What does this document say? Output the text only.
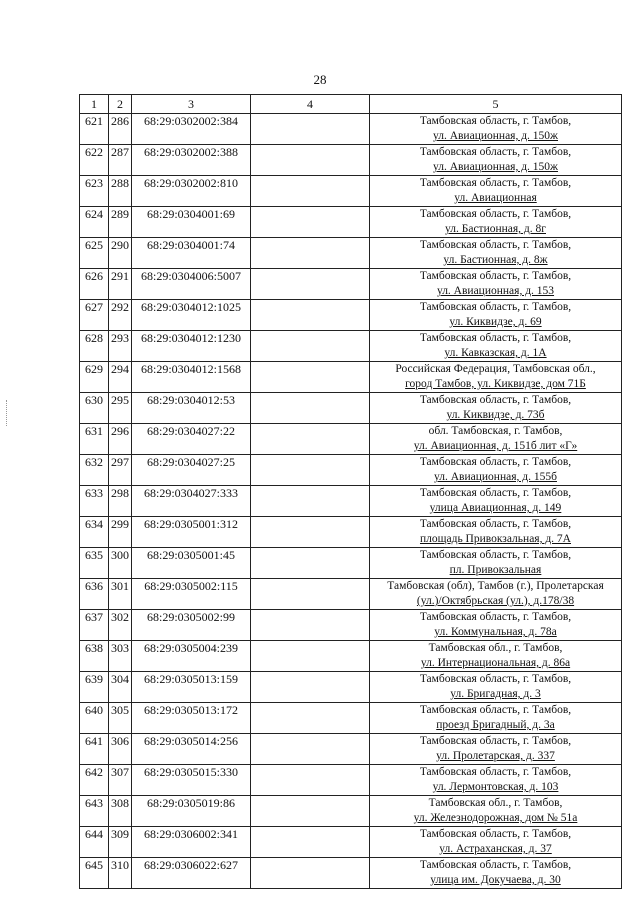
28
1	2	3	4	5
621	286	68:29:0302002:384		Тамбовская область, г. Тамбов,
ул. Авиационная, д. 150ж

622	287	68:29:0302002:388		Тамбовская область, г. Тамбов,
ул. Авиационная, д. 150ж

623	288	68:29:0302002:810		Тамбовская область, г. Тамбов,
ул. Авиационная

624	289	68:29:0304001:69		Тамбовская область, г. Тамбов,
ул. Бастионная, д. 8г

625	290	68:29:0304001:74		Тамбовская область, г. Тамбов,
ул. Бастионная, д. 8ж

626	291	68:29:0304006:5007		Тамбовская область, г. Тамбов,
ул. Авиационная, д. 153

627	292	68:29:0304012:1025		Тамбовская область, г. Тамбов,
ул. Киквидзе, д. 69

628	293	68:29:0304012:1230		Тамбовская область, г. Тамбов,
ул. Кавказская, д. 1А

629	294	68:29:0304012:1568		Российская Федерация, Тамбовская обл.,
город Тамбов, ул. Киквидзе, дом 71Б

630	295	68:29:0304012:53		Тамбовская область, г. Тамбов,
ул. Киквидзе, д. 73б

631	296	68:29:0304027:22		обл. Тамбовская, г. Тамбов,
ул. Авиационная, д. 151б лит «Г»

632	297	68:29:0304027:25		Тамбовская область, г. Тамбов,
ул. Авиационная, д. 155б

633	298	68:29:0304027:333		Тамбовская область, г. Тамбов,
улица Авиационная, д. 149

634	299	68:29:0305001:312		Тамбовская область, г. Тамбов,
площадь Привокзальная, д. 7А

635	300	68:29:0305001:45		Тамбовская область, г. Тамбов,
пл. Привокзальная

636	301	68:29:0305002:115		Тамбовская (обл), Тамбов (г.), Пролетарская
(ул.)/Октябрьская (ул.), д.178/38

637	302	68:29:0305002:99		Тамбовская область, г. Тамбов,
ул. Коммунальная, д. 78а

638	303	68:29:0305004:239		Тамбовская обл., г. Тамбов,
ул. Интернациональная, д. 86а

639	304	68:29:0305013:159		Тамбовская область, г. Тамбов,
ул. Бригадная, д. 3

640	305	68:29:0305013:172		Тамбовская область, г. Тамбов,
проезд Бригадный, д. 3а

641	306	68:29:0305014:256		Тамбовская область, г. Тамбов,
ул. Пролетарская, д. 337

642	307	68:29:0305015:330		Тамбовская область, г. Тамбов,
ул. Лермонтовская, д. 103

643	308	68:29:0305019:86		Тамбовская обл., г. Тамбов,
ул. Железнодорожная, дом № 51а

644	309	68:29:0306002:341		Тамбовская область, г. Тамбов,
ул. Астраханская, д. 37

645	310	68:29:0306022:627		Тамбовская область, г. Тамбов,
улица им. Докучаева, д. 30
